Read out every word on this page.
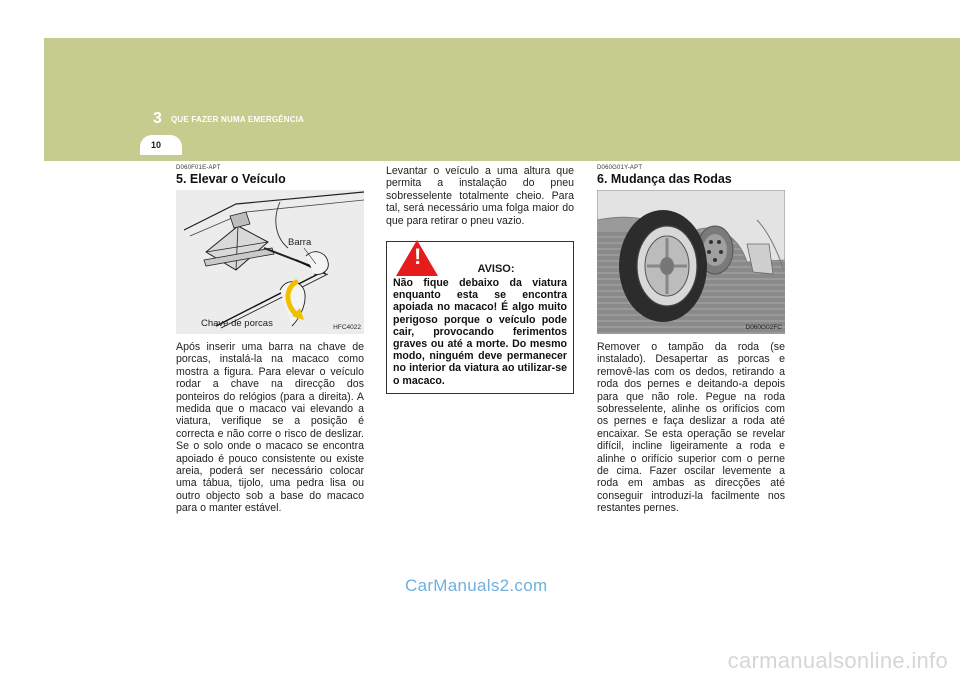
3 QUE FAZER NUMA EMERGÊNCIA
10
D060F01E-APT
5. Elevar o Veículo
Barra
Chave de porcas	HFC4022

Após inserir uma barra na chave de porcas, instalá-la na macaco como mostra a figura. Para elevar o veículo rodar a chave na direcção dos ponteiros do relógios (para a direita). A medida que o macaco vai elevando a viatura, verifique se a posição é correcta e não corre o risco de deslizar. Se o solo onde o macaco se encontra apoiado é pouco consistente ou existe areia, poderá ser necessário colocar uma tábua, tijolo, uma pedra lisa ou outro objecto sob a base do macaco para o manter estável.

Levantar o veículo a uma altura que permita a instalação do pneu sobresselente totalmente cheio. Para tal, será necessário uma folga maior do que para retirar o pneu vazio.

!	AVISO:

Não fique debaixo da viatura enquanto esta se encontra apoiada no macaco! É algo muito perigoso porque o veículo pode cair, provocando ferimentos graves ou até a morte. Do mesmo modo, ninguém deve permanecer no interior da viatura ao utilizar-se o macaco.

D060G01Y-APT
6. Mudança das Rodas
D060G02FC

Remover o tampão da roda (se instalado). Desapertar as porcas e removê-las com os dedos, retirando a roda dos pernes e deitando-a depois para que não role. Pegue na roda sobresselente, alinhe os orifícios com os pernes e faça deslizar a roda até encaixar. Se esta operação se revelar difícil, incline ligeiramente a roda e alinhe o orifício superior com o perne de cima. Fazer oscilar levemente a roda em ambas as direcções até conseguir introduzi-la facilmente nos restantes pernes.

CarManuals2.com
carmanualsonline.info
